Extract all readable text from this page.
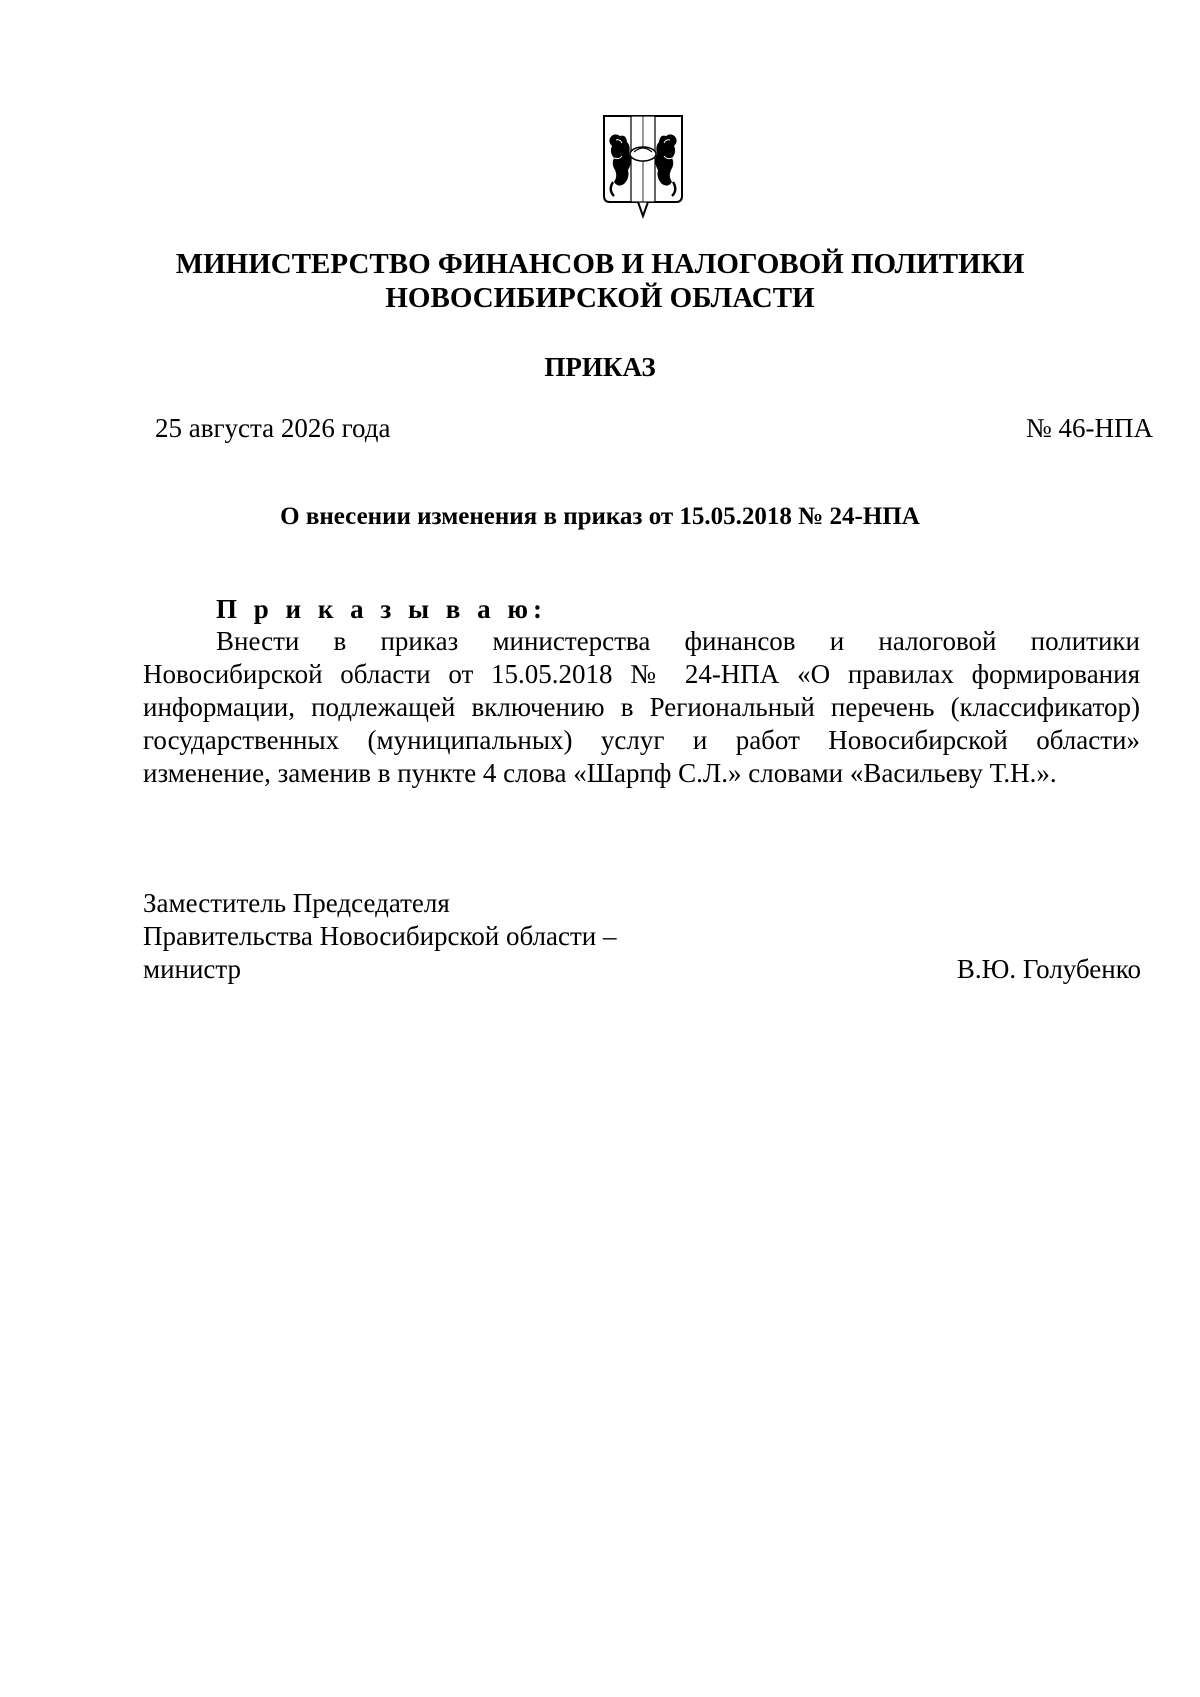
МИНИСТЕРСТВО ФИНАНСОВ И НАЛОГОВОЙ ПОЛИТИКИ
НОВОСИБИРСКОЙ ОБЛАСТИ
ПРИКАЗ
25 августа 2026 года	№ 46-НПА
О внесении изменения в приказ от 15.05.2018 № 24-НПА
П р и к а з ы в а ю:
Внести в приказ министерства финансов и налоговой политики
Новосибирской области от 15.05.2018 № 24-НПА «О правилах формирования
информации, подлежащей включению в Региональный перечень (классификатор)
государственных (муниципальных) услуг и работ Новосибирской области»
изменение, заменив в пункте 4 слова «Шарпф С.Л.» словами «Васильеву Т.Н.».
Заместитель Председателя
Правительства Новосибирской области –
министр	В.Ю. Голубенко
